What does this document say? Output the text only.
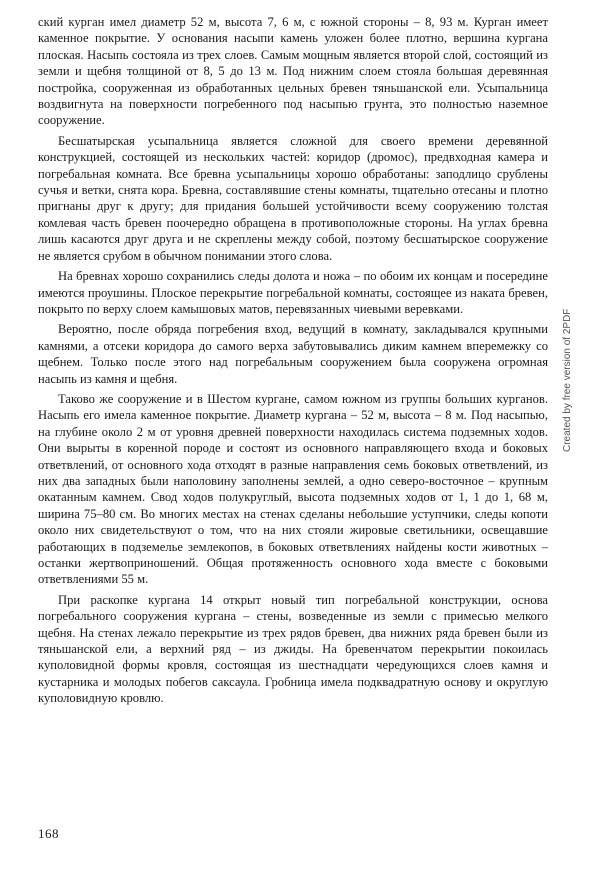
ский курган имел диаметр 52 м, высота 7, 6 м, с южной стороны – 8, 93 м. Курган имеет каменное покрытие. У основания насыпи камень уложен более плотно, вершина кургана плоская. Насыпь состояла из трех слоев. Самым мощным является второй слой, состоящий из земли и щебня толщиной от 8, 5 до 13 м. Под нижним слоем стояла большая деревянная постройка, сооруженная из обработанных цельных бревен тяньшанской ели. Усыпальница воздвигнута на поверхности погребенного под насыпью грунта, это полностью наземное сооружение.

Бесшатырская усыпальница является сложной для своего времени деревянной конструкцией, состоящей из нескольких частей: коридор (дромос), предвходная камера и погребальная комната. Все бревна усыпальницы хорошо обработаны: заподлицо срублены сучья и ветки, снята кора. Бревна, составлявшие стены комнаты, тщательно отесаны и плотно пригнаны друг к другу; для придания большей устойчивости всему сооружению толстая комлевая часть бревен поочередно обращена в противоположные стороны. На углах бревна лишь касаются друг друга и не скреплены между собой, поэтому бесшатырское сооружение не является срубом в обычном понимании этого слова.

На бревнах хорошо сохранились следы долота и ножа – по обоим их концам и посередине имеются проушины. Плоское перекрытие погребальной комнаты, состоящее из наката бревен, покрыто по верху слоем камышовых матов, перевязанных чиевыми веревками.

Вероятно, после обряда погребения вход, ведущий в комнату, закладывался крупными камнями, а отсеки коридора до самого верха забутовывались диким камнем вперемежку со щебнем. Только после этого над погребальным сооружением была сооружена огромная насыпь из камня и щебня.

Таково же сооружение и в Шестом кургане, самом южном из группы больших курганов. Насыпь его имела каменное покрытие. Диаметр кургана – 52 м, высота – 8 м. Под насыпью, на глубине около 2 м от уровня древней поверхности находилась система подземных ходов. Они вырыты в коренной породе и состоят из основного направляющего входа и боковых ответвлений, от основного хода отходят в разные направления семь боковых ответвлений, из них два западных были наполовину заполнены землей, а одно северо-восточное – крупным окатанным камнем. Свод ходов полукруглый, высота подземных ходов от 1, 1 до 1, 68 м, ширина 75–80 см. Во многих местах на стенах сделаны небольшие уступчики, следы копоти около них свидетельствуют о том, что на них стояли жировые светильники, освещавшие работающих в подземелье землекопов, в боковых ответвлениях найдены кости животных – останки жертвоприношений. Общая протяженность основного хода вместе с боковыми ответвлениями 55 м.

При раскопке кургана 14 открыт новый тип погребальной конструкции, основа погребального сооружения кургана – стены, возведенные из земли с примесью мелкого щебня. На стенах лежало перекрытие из трех рядов бревен, два нижних ряда бревен были из тяньшанской ели, а верхний ряд – из джиды. На бревенчатом перекрытии покоилась куполовидной формы кровля, состоящая из шестнадцати чередующихся слоев камня и кустарника и молодых побегов саксаула. Гробница имела подквадратную основу и округлую куполовидную кровлю.

168
Created by free version of 2PDF
